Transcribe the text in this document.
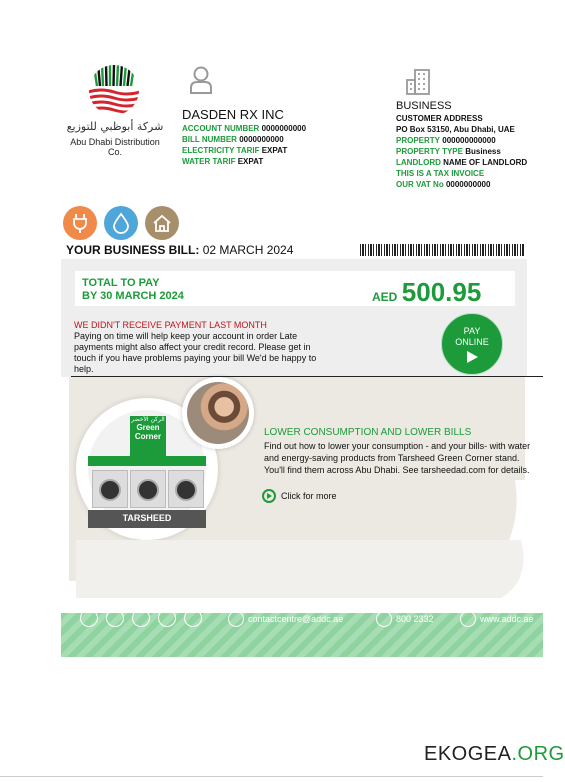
شركة أبوظبي للتوزيع
Abu Dhabi Distribution Co.
DASDEN RX INC
ACCOUNT NUMBER 0000000000
BILL NUMBER 0000000000
ELECTRICITY TARIF EXPAT
WATER TARIF EXPAT
BUSINESS
CUSTOMER ADDRESS
PO Box 53150, Abu Dhabi, UAE
PROPERTY 000000000000
PROPERTY TYPE Business
LANDLORD NAME OF LANDLORD
THIS IS A TAX INVOICE
OUR VAT No 0000000000
YOUR BUSINESS BILL: 02 MARCH 2024
TOTAL TO PAY
BY 30 MARCH 2024	AED 500.95
WE DIDN'T RECEIVE PAYMENT LAST MONTH
Paying on time will help keep your account in order Late payments might also affect your credit record. Please get in touch if you have problems paying your bill We'd be happy to help.
PAY
ONLINE
الركن الأخضر
Green
Corner
TARSHEED
LOWER CONSUMPTION AND LOWER BILLS
Find out how to lower your consumption - and your bills- with water and energy-saving products from Tarsheed Green Corner stand. You'll find them across Abu Dhabi. See tarsheedad.com for details.
Click for more
contactcentre@addc.ae	800 2332	www.addc.ae
EKOGEA.ORG
